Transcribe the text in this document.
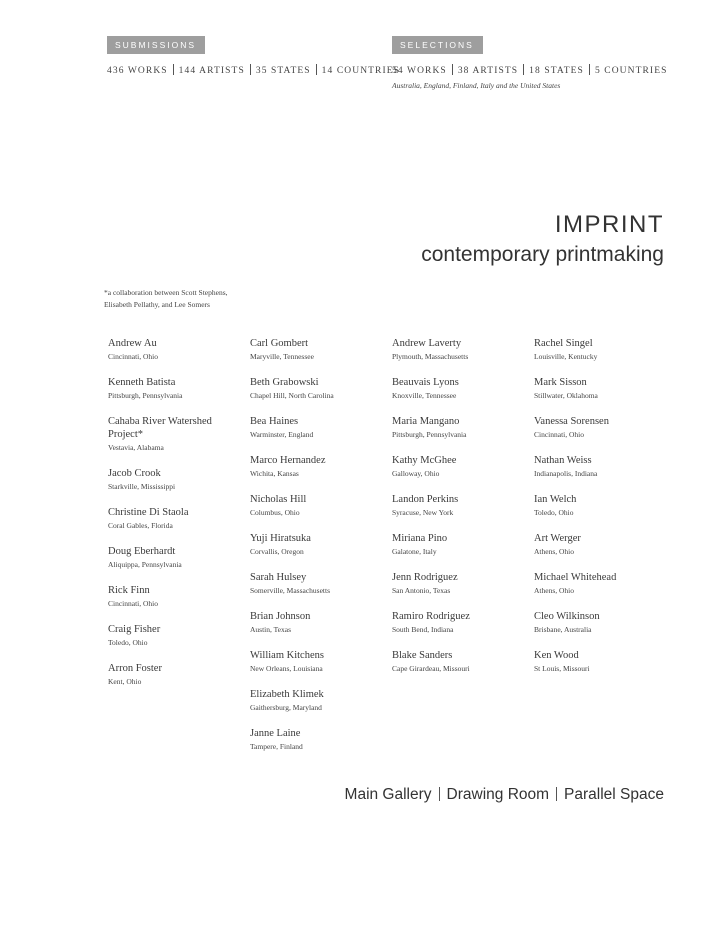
SUBMISSIONS
436 WORKS 144 ARTISTS 35 STATES 14 COUNTRIES
SELECTIONS
54 WORKS 38 ARTISTS 18 STATES 5 COUNTRIES
Australia, England, Finland, Italy and the United States
IMPRINT
contemporary printmaking
*a collaboration between Scott Stephens,
Elisabeth Pellathy, and Lee Somers
Andrew Au
Cincinnati, Ohio
Kenneth Batista
Pittsburgh, Pennsylvania
Cahaba River Watershed Project*
Vestavia, Alabama
Jacob Crook
Starkville, Mississippi
Christine Di Staola
Coral Gables, Florida
Doug Eberhardt
Aliquippa, Pennsylvania
Rick Finn
Cincinnati, Ohio
Craig Fisher
Toledo, Ohio
Arron Foster
Kent, Ohio
Carl Gombert
Maryville, Tennessee
Beth Grabowski
Chapel Hill, North Carolina
Bea Haines
Warminster, England
Marco Hernandez
Wichita, Kansas
Nicholas Hill
Columbus, Ohio
Yuji Hiratsuka
Corvallis, Oregon
Sarah Hulsey
Somerville, Massachusetts
Brian Johnson
Austin, Texas
William Kitchens
New Orleans, Louisiana
Elizabeth Klimek
Gaithersburg, Maryland
Janne Laine
Tampere, Finland
Andrew Laverty
Plymouth, Massachusetts
Beauvais Lyons
Knoxville, Tennessee
Maria Mangano
Pittsburgh, Pennsylvania
Kathy McGhee
Galloway, Ohio
Landon Perkins
Syracuse, New York
Miriana Pino
Galatone, Italy
Jenn Rodriguez
San Antonio, Texas
Ramiro Rodriguez
South Bend, Indiana
Blake Sanders
Cape Girardeau, Missouri
Rachel Singel
Louisville, Kentucky
Mark Sisson
Stillwater, Oklahoma
Vanessa Sorensen
Cincinnati, Ohio
Nathan Weiss
Indianapolis, Indiana
Ian Welch
Toledo, Ohio
Art Werger
Athens, Ohio
Michael Whitehead
Athens, Ohio
Cleo Wilkinson
Brisbane, Australia
Ken Wood
St Louis, Missouri
Main Gallery Drawing Room Parallel Space
